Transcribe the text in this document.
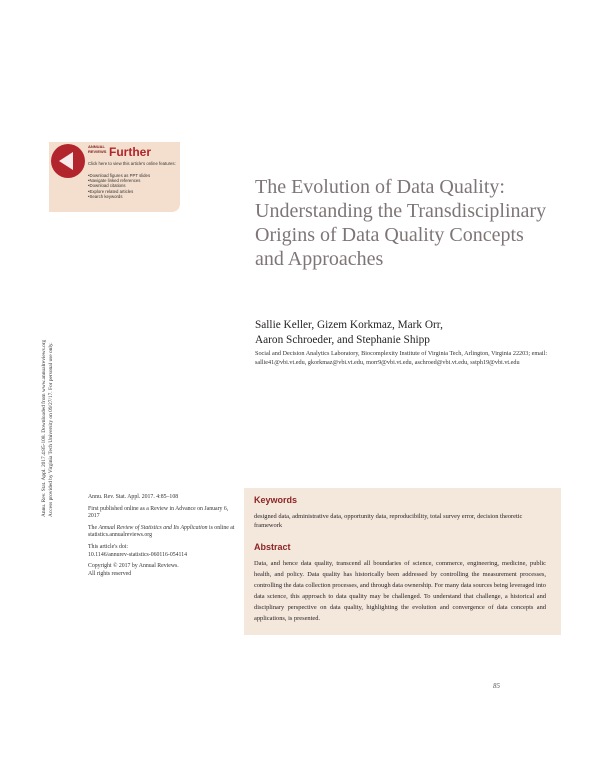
ANNUAL REVIEWS Further
Click here to view this article's online features:
• Download figures as PPT slides
• Navigate linked references
• Download citations
• Explore related articles
• Search keywords
Annu. Rev. Stat. Appl. 2017.4:85-108. Downloaded from www.annualreviews.org Access provided by Virginia Tech University on 09/27/17. For personal use only.
The Evolution of Data Quality: Understanding the Transdisciplinary Origins of Data Quality Concepts and Approaches
Sallie Keller, Gizem Korkmaz, Mark Orr,
Aaron Schroeder, and Stephanie Shipp
Social and Decision Analytics Laboratory, Biocomplexity Institute of Virginia Tech, Arlington, Virginia 22203; email: sallie41@vbi.vt.edu, gkorkmaz@vbi.vt.edu, morr9@vbi.vt.edu, aschroed@vbi.vt.edu, sstph19@vbi.vt.edu

Annu. Rev. Stat. Appl. 2017. 4:85–108

First published online as a Review in Advance on January 6, 2017

The Annual Review of Statistics and Its Application is online at statistics.annualreviews.org

This article's doi:
10.1146/annurev-statistics-060116-054114

Copyright © 2017 by Annual Reviews.
All rights reserved

Keywords
designed data, administrative data, opportunity data, reproducibility, total survey error, decision theoretic framework
Abstract
Data, and hence data quality, transcend all boundaries of science, commerce, engineering, medicine, public health, and policy. Data quality has historically been addressed by controlling the measurement processes, controlling the data collection processes, and through data ownership. For many data sources being leveraged into data science, this approach to data quality may be challenged. To understand that challenge, a historical and disciplinary perspective on data quality, highlighting the evolution and convergence of data concepts and applications, is presented.
85
